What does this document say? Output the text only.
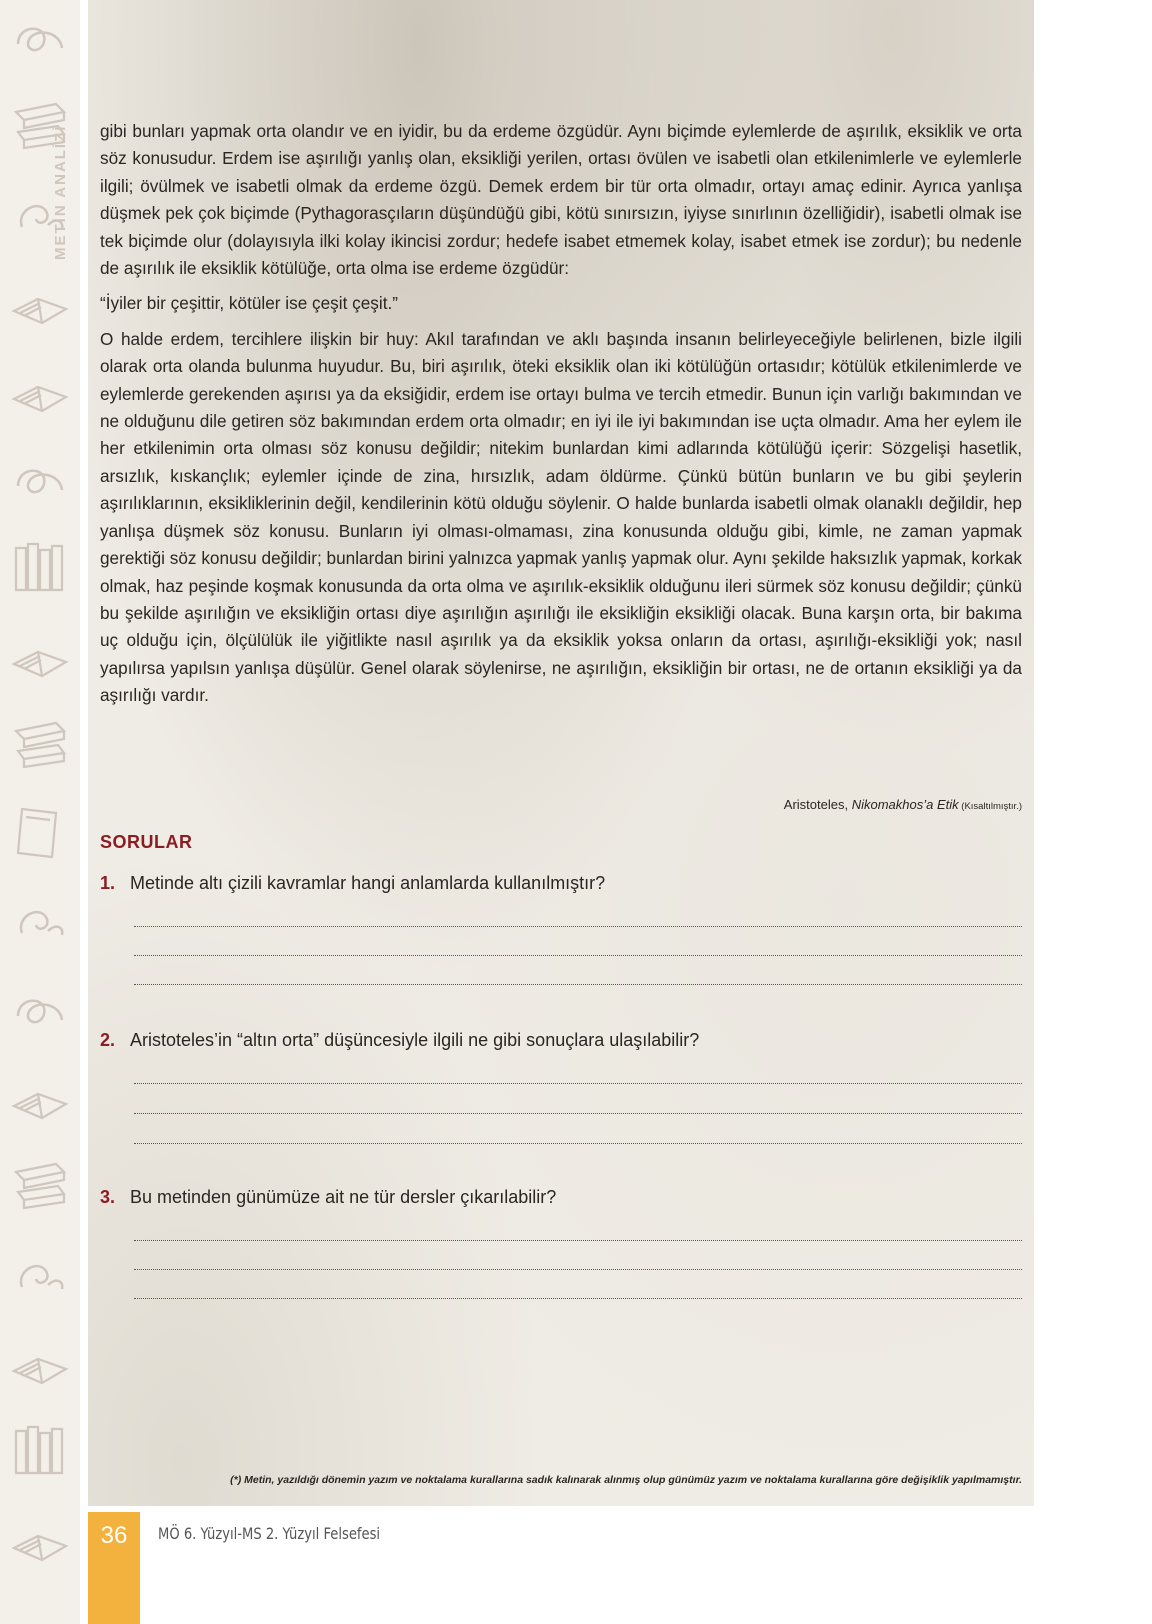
METİN ANALİZİ gibi bunları yapmak orta olandır ve en iyidir, bu da erdeme özgüdür. Aynı biçimde eylemlerde de aşırılık, eksiklik ve orta söz konusudur. Erdem ise aşırılığı yanlış olan, eksikliği yerilen, ortası övülen ve isabetli olan etkilenimlerle ve eylemlerle ilgili; övülmek ve isabetli olmak da erdeme özgü. Demek erdem bir tür orta olmadır, ortayı amaç edinir. Ayrıca yanlışa düşmek pek çok biçimde (Pythagorasçıların düşündüğü gibi, kötü sınırsızın, iyiyse sınırlının özelliğidir), isabetli olmak ise tek biçimde olur (dolayısıyla ilki kolay ikincisi zordur; hedefe isabet etmemek kolay, isabet etmek ise zordur); bu nedenle de aşırılık ile eksiklik kötülüğe, orta olma ise erdeme özgüdür:

“İyiler bir çeşittir, kötüler ise çeşit çeşit.”

O halde erdem, tercihlere ilişkin bir huy: Akıl tarafından ve aklı başında insanın belirleyeceğiyle belirlenen, bizle ilgili olarak orta olanda bulunma huyudur. Bu, biri aşırılık, öteki eksiklik olan iki kötülüğün ortasıdır; kötülük etkilenimlerde ve eylemlerde gerekenden aşırısı ya da eksiğidir, erdem ise ortayı bulma ve tercih etmedir. Bunun için varlığı bakımından ve ne olduğunu dile getiren söz bakımından erdem orta olmadır; en iyi ile iyi bakımından ise uçta olmadır. Ama her eylem ile her etkilenimin orta olması söz konusu değildir; nitekim bunlardan kimi adlarında kötülüğü içerir: Sözgelişi hasetlik, arsızlık, kıskançlık; eylemler içinde de zina, hırsızlık, adam öldürme. Çünkü bütün bunların ve bu gibi şeylerin aşırılıklarının, eksikliklerinin değil, kendilerinin kötü olduğu söylenir. O halde bunlarda isabetli olmak olanaklı değildir, hep yanlışa düşmek söz konusu. Bunların iyi olması-olmaması, zina konusunda olduğu gibi, kimle, ne zaman yapmak gerektiği söz konusu değildir; bunlardan birini yalnızca yapmak yanlış yapmak olur. Aynı şekilde haksızlık yapmak, korkak olmak, haz peşinde koşmak konusunda da orta olma ve aşırılık-eksiklik olduğunu ileri sürmek söz konusu değildir; çünkü bu şekilde aşırılığın ve eksikliğin ortası diye aşırılığın aşırılığı ile eksikliğin eksikliği olacak. Buna karşın orta, bir bakıma uç olduğu için, ölçülülük ile yiğitlikte nasıl aşırılık ya da eksiklik yoksa onların da ortası, aşırılığı-eksikliği yok; nasıl yapılırsa yapılsın yanlışa düşülür. Genel olarak söylenirse, ne aşırılığın, eksikliğin bir ortası, ne de ortanın eksikliği ya da aşırılığı vardır.

Aristoteles, Nikomakhos’a Etik (Kısaltılmıştır.)
SORULAR
1. Metinde altı çizili kavramlar hangi anlamlarda kullanılmıştır?
2. Aristoteles’in “altın orta” düşüncesiyle ilgili ne gibi sonuçlara ulaşılabilir?
3. Bu metinden günümüze ait ne tür dersler çıkarılabilir?
(*) Metin, yazıldığı dönemin yazım ve noktalama kurallarına sadık kalınarak alınmış olup günümüz yazım ve noktalama kurallarına göre değişiklik yapılmamıştır.
36	MÖ 6. Yüzyıl-MS 2. Yüzyıl Felsefesi
